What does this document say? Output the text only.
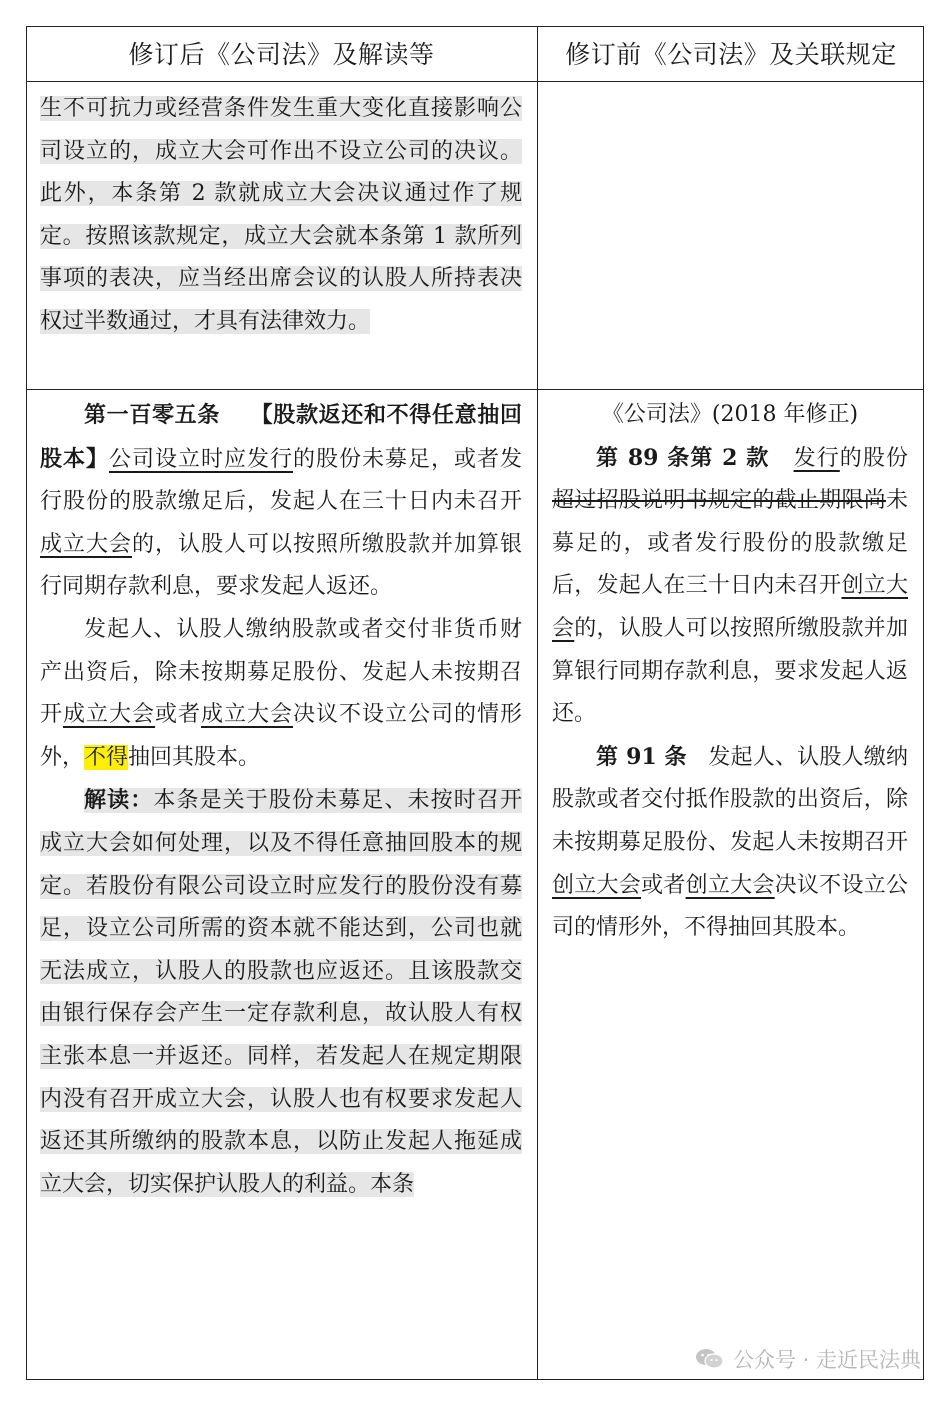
修订后《公司法》及解读等	修订前《公司法》及关联规定

生不可抗力或经营条件发生重大变化直接影响公司设立的，成立大会可作出不设立公司的决议。此外，本条第 2 款就成立大会决议通过作了规定。按照该款规定，成立大会就本条第 1 款所列事项的表决，应当经出席会议的认股人所持表决权过半数通过，才具有法律效力。

第一百零五条 【股款返还和不得任意抽回股本】公司设立时应发行的股份未募足，或者发行股份的股款缴足后，发起人在三十日内未召开成立大会的，认股人可以按照所缴股款并加算银行同期存款利息，要求发起人返还。

发起人、认股人缴纳股款或者交付非货币财产出资后，除未按期募足股份、发起人未按期召开成立大会或者成立大会决议不设立公司的情形外，不得抽回其股本。

解读：本条是关于股份未募足、未按时召开成立大会如何处理，以及不得任意抽回股本的规定。若股份有限公司设立时应发行的股份没有募足，设立公司所需的资本就不能达到，公司也就无法成立，认股人的股款也应返还。且该股款交由银行保存会产生一定存款利息，故认股人有权主张本息一并返还。同样，若发起人在规定期限内没有召开成立大会，认股人也有权要求发起人返还其所缴纳的股款本息，以防止发起人拖延成立大会，切实保护认股人的利益。本条

《公司法》(2018 年修正)

第 89 条第 2 款 发行的股份超过招股说明书规定的截止期限尚未募足的，或者发行股份的股款缴足后，发起人在三十日内未召开创立大会的，认股人可以按照所缴股款并加算银行同期存款利息，要求发起人返还。

第 91 条 发起人、认股人缴纳股款或者交付抵作股款的出资后，除未按期募足股份、发起人未按期召开创立大会或者创立大会决议不设立公司的情形外，不得抽回其股本。

公众号 · 走近民法典
